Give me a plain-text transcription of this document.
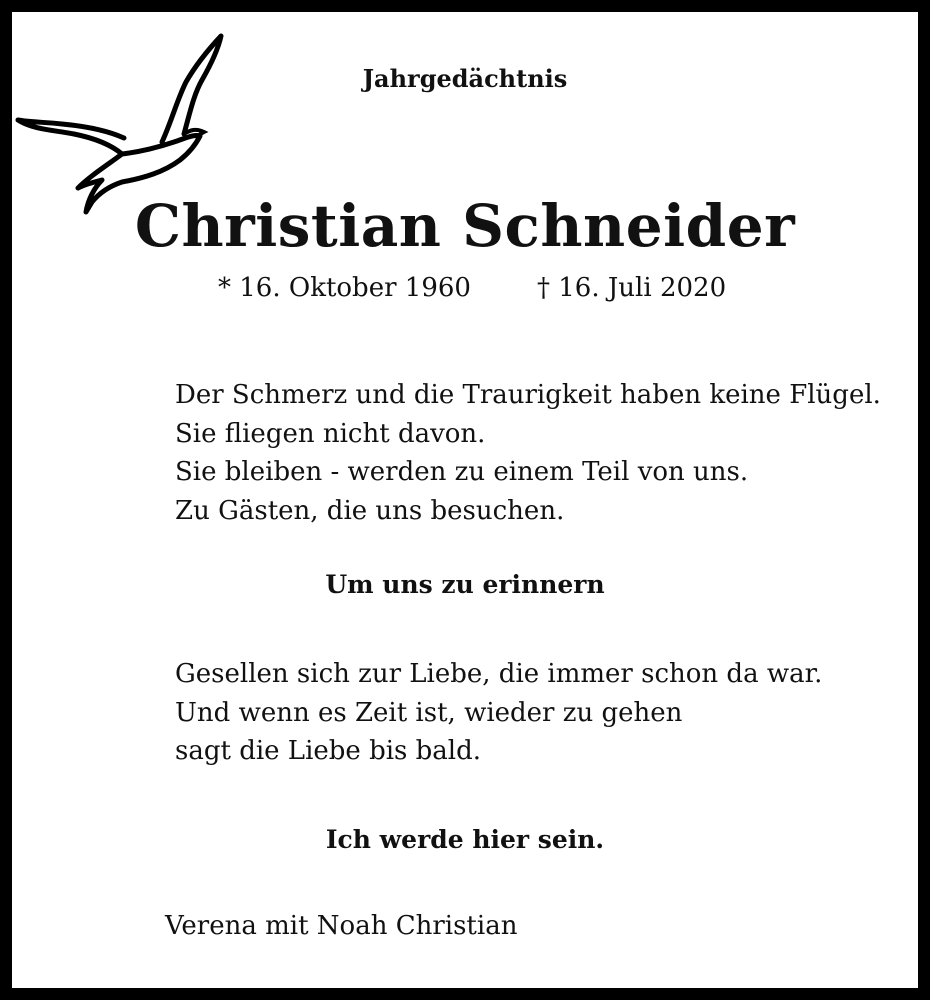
Jahrgedächtnis

Christian Schneider

* 16. Oktober 1960	† 16. Juli 2020

Der Schmerz und die Traurigkeit haben keine Flügel.
Sie fliegen nicht davon.
Sie bleiben - werden zu einem Teil von uns.
Zu Gästen, die uns besuchen.

Um uns zu erinnern

Gesellen sich zur Liebe, die immer schon da war.
Und wenn es Zeit ist, wieder zu gehen
sagt die Liebe bis bald.

Ich werde hier sein.

Verena mit Noah Christian
